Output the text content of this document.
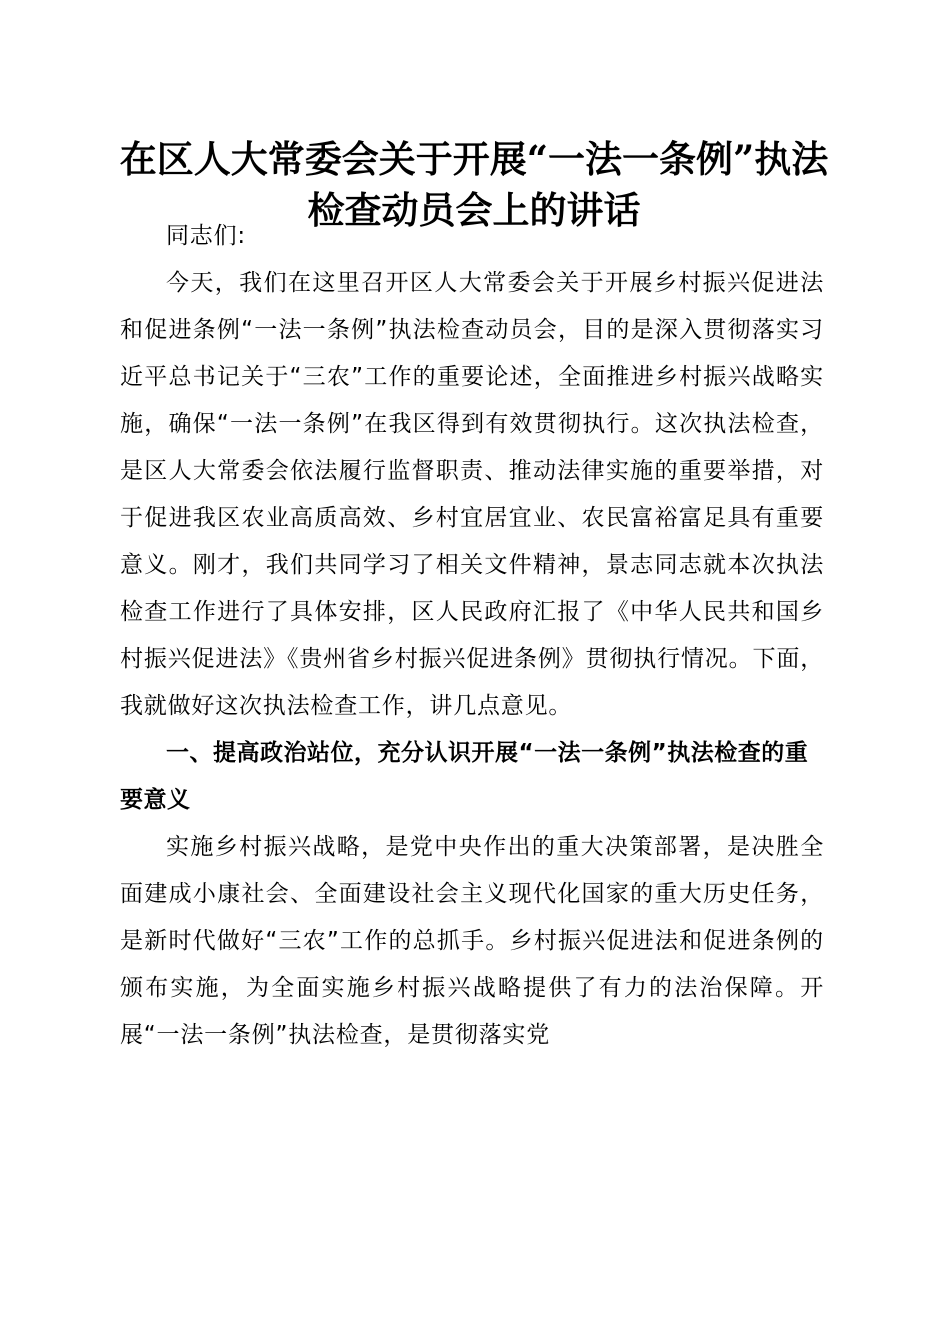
在区人大常委会关于开展“一法一条例”执法
检查动员会上的讲话

同志们:

今天，我们在这里召开区人大常委会关于开展乡村振兴促进法和促进条例“一法一条例”执法检查动员会，目的是深入贯彻落实习近平总书记关于“三农”工作的重要论述，全面推进乡村振兴战略实施，确保“一法一条例”在我区得到有效贯彻执行。这次执法检查，是区人大常委会依法履行监督职责、推动法律实施的重要举措，对于促进我区农业高质高效、乡村宜居宜业、农民富裕富足具有重要意义。刚才，我们共同学习了相关文件精神，景志同志就本次执法检查工作进行了具体安排，区人民政府汇报了《中华人民共和国乡村振兴促进法》《贵州省乡村振兴促进条例》贯彻执行情况。下面，我就做好这次执法检查工作，讲几点意见。

一、提高政治站位，充分认识开展“一法一条例”执法检查的重要意义

实施乡村振兴战略，是党中央作出的重大决策部署，是决胜全面建成小康社会、全面建设社会主义现代化国家的重大历史任务，是新时代做好“三农”工作的总抓手。乡村振兴促进法和促进条例的颁布实施，为全面实施乡村振兴战略提供了有力的法治保障。开展“一法一条例”执法检查，是贯彻落实党
